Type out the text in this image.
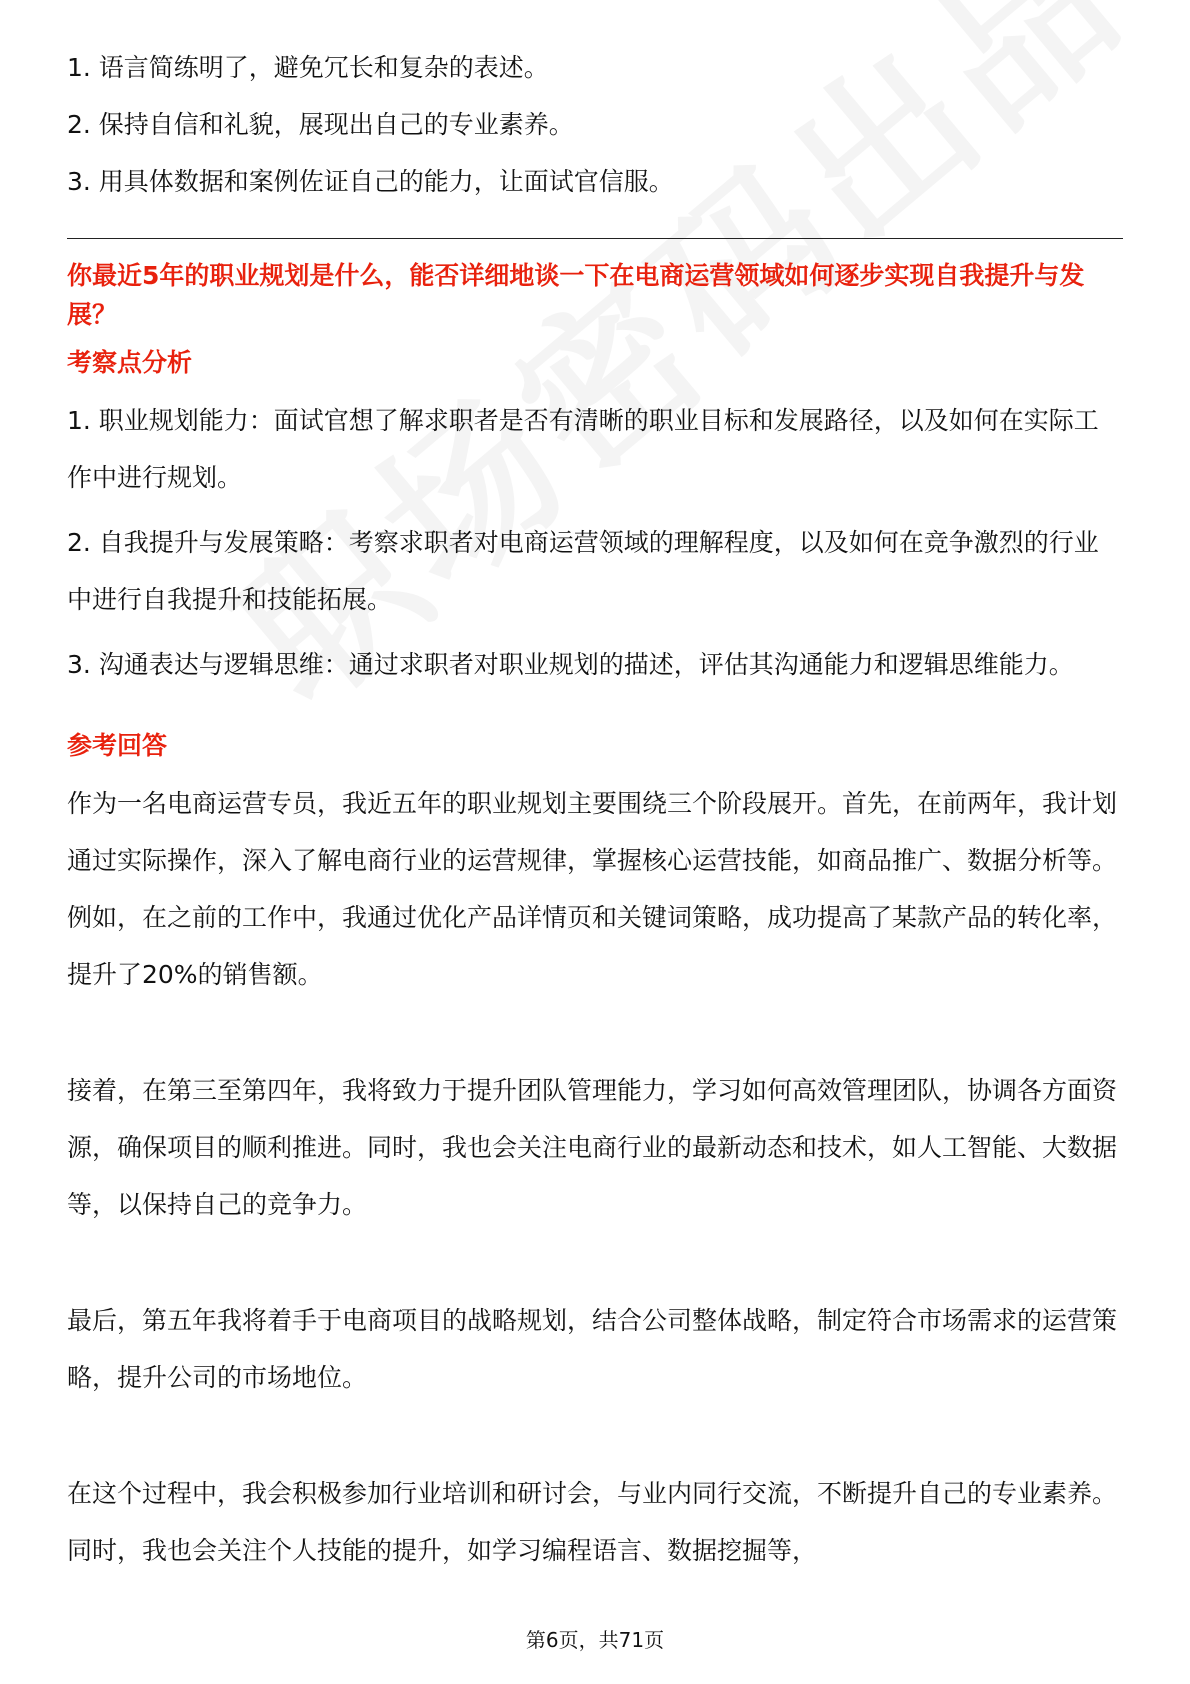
1. 语言简练明了，避免冗长和复杂的表述。

2. 保持自信和礼貌，展现出自己的专业素养。

3. 用具体数据和案例佐证自己的能力，让面试官信服。

你最近5年的职业规划是什么，能否详细地谈一下在电商运营领域如何逐步实现自我提升与发展？

考察点分析

1. 职业规划能力：面试官想了解求职者是否有清晰的职业目标和发展路径，以及如何在实际工作中进行规划。

2. 自我提升与发展策略：考察求职者对电商运营领域的理解程度，以及如何在竞争激烈的行业中进行自我提升和技能拓展。

3. 沟通表达与逻辑思维：通过求职者对职业规划的描述，评估其沟通能力和逻辑思维能力。

参考回答

作为一名电商运营专员，我近五年的职业规划主要围绕三个阶段展开。首先，在前两年，我计划通过实际操作，深入了解电商行业的运营规律，掌握核心运营技能，如商品推广、数据分析等。例如，在之前的工作中，我通过优化产品详情页和关键词策略，成功提高了某款产品的转化率，提升了20%的销售额。

接着，在第三至第四年，我将致力于提升团队管理能力，学习如何高效管理团队，协调各方面资源，确保项目的顺利推进。同时，我也会关注电商行业的最新动态和技术，如人工智能、大数据等，以保持自己的竞争力。

最后，第五年我将着手于电商项目的战略规划，结合公司整体战略，制定符合市场需求的运营策略，提升公司的市场地位。

在这个过程中，我会积极参加行业培训和研讨会，与业内同行交流，不断提升自己的专业素养。同时，我也会关注个人技能的提升，如学习编程语言、数据挖掘等，

第6页，共71页
